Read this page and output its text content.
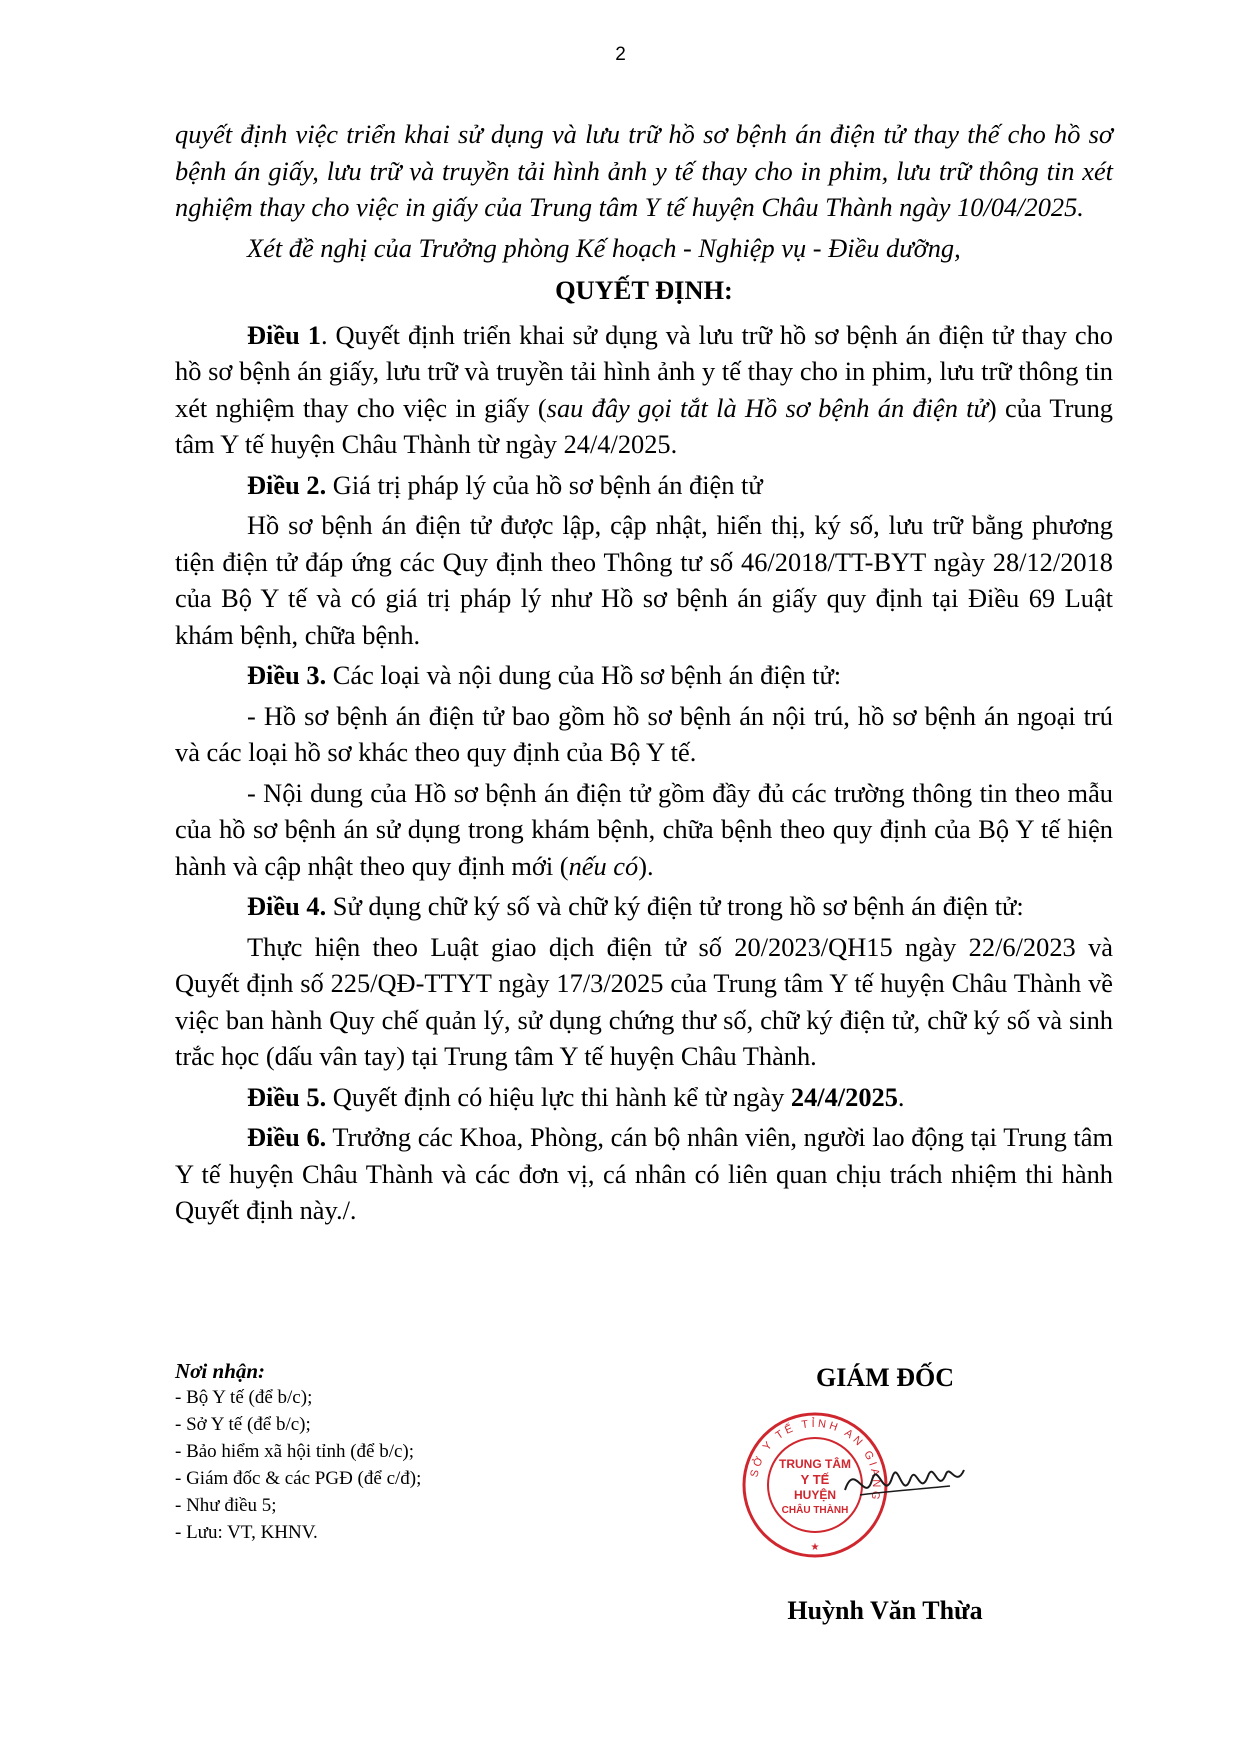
2

quyết định việc triển khai sử dụng và lưu trữ hồ sơ bệnh án điện tử thay thế cho hồ sơ bệnh án giấy, lưu trữ và truyền tải hình ảnh y tế thay cho in phim, lưu trữ thông tin xét nghiệm thay cho việc in giấy của Trung tâm Y tế huyện Châu Thành ngày 10/04/2025.

Xét đề nghị của Trưởng phòng Kế hoạch - Nghiệp vụ - Điều dưỡng,

QUYẾT ĐỊNH:

Điều 1. Quyết định triển khai sử dụng và lưu trữ hồ sơ bệnh án điện tử thay cho hồ sơ bệnh án giấy, lưu trữ và truyền tải hình ảnh y tế thay cho in phim, lưu trữ thông tin xét nghiệm thay cho việc in giấy (sau đây gọi tắt là Hồ sơ bệnh án điện tử) của Trung tâm Y tế huyện Châu Thành từ ngày 24/4/2025.

Điều 2. Giá trị pháp lý của hồ sơ bệnh án điện tử

Hồ sơ bệnh án điện tử được lập, cập nhật, hiển thị, ký số, lưu trữ bằng phương tiện điện tử đáp ứng các Quy định theo Thông tư số 46/2018/TT-BYT ngày 28/12/2018 của Bộ Y tế và có giá trị pháp lý như Hồ sơ bệnh án giấy quy định tại Điều 69 Luật khám bệnh, chữa bệnh.

Điều 3. Các loại và nội dung của Hồ sơ bệnh án điện tử:

- Hồ sơ bệnh án điện tử bao gồm hồ sơ bệnh án nội trú, hồ sơ bệnh án ngoại trú và các loại hồ sơ khác theo quy định của Bộ Y tế.

- Nội dung của Hồ sơ bệnh án điện tử gồm đầy đủ các trường thông tin theo mẫu của hồ sơ bệnh án sử dụng trong khám bệnh, chữa bệnh theo quy định của Bộ Y tế hiện hành và cập nhật theo quy định mới (nếu có).

Điều 4. Sử dụng chữ ký số và chữ ký điện tử trong hồ sơ bệnh án điện tử:

Thực hiện theo Luật giao dịch điện tử số 20/2023/QH15 ngày 22/6/2023 và Quyết định số 225/QĐ-TTYT ngày 17/3/2025 của Trung tâm Y tế huyện Châu Thành về việc ban hành Quy chế quản lý, sử dụng chứng thư số, chữ ký điện tử, chữ ký số và sinh trắc học (dấu vân tay) tại Trung tâm Y tế huyện Châu Thành.

Điều 5. Quyết định có hiệu lực thi hành kể từ ngày 24/4/2025.

Điều 6. Trưởng các Khoa, Phòng, cán bộ nhân viên, người lao động tại Trung tâm Y tế huyện Châu Thành và các đơn vị, cá nhân có liên quan chịu trách nhiệm thi hành Quyết định này./.

Nơi nhận:
- Bộ Y tế (để b/c);
- Sở Y tế (để b/c);
- Bảo hiểm xã hội tỉnh (để b/c);
- Giám đốc & các PGĐ (để c/đ);
- Như điều 5;
- Lưu: VT, KHNV.
GIÁM ĐỐC
SỞ Y TẾ TỈNH AN GIANG
TRUNG TÂM
Y TẾ
HUYỆN
CHÂU THÀNH
★
Huỳnh Văn Thừa
